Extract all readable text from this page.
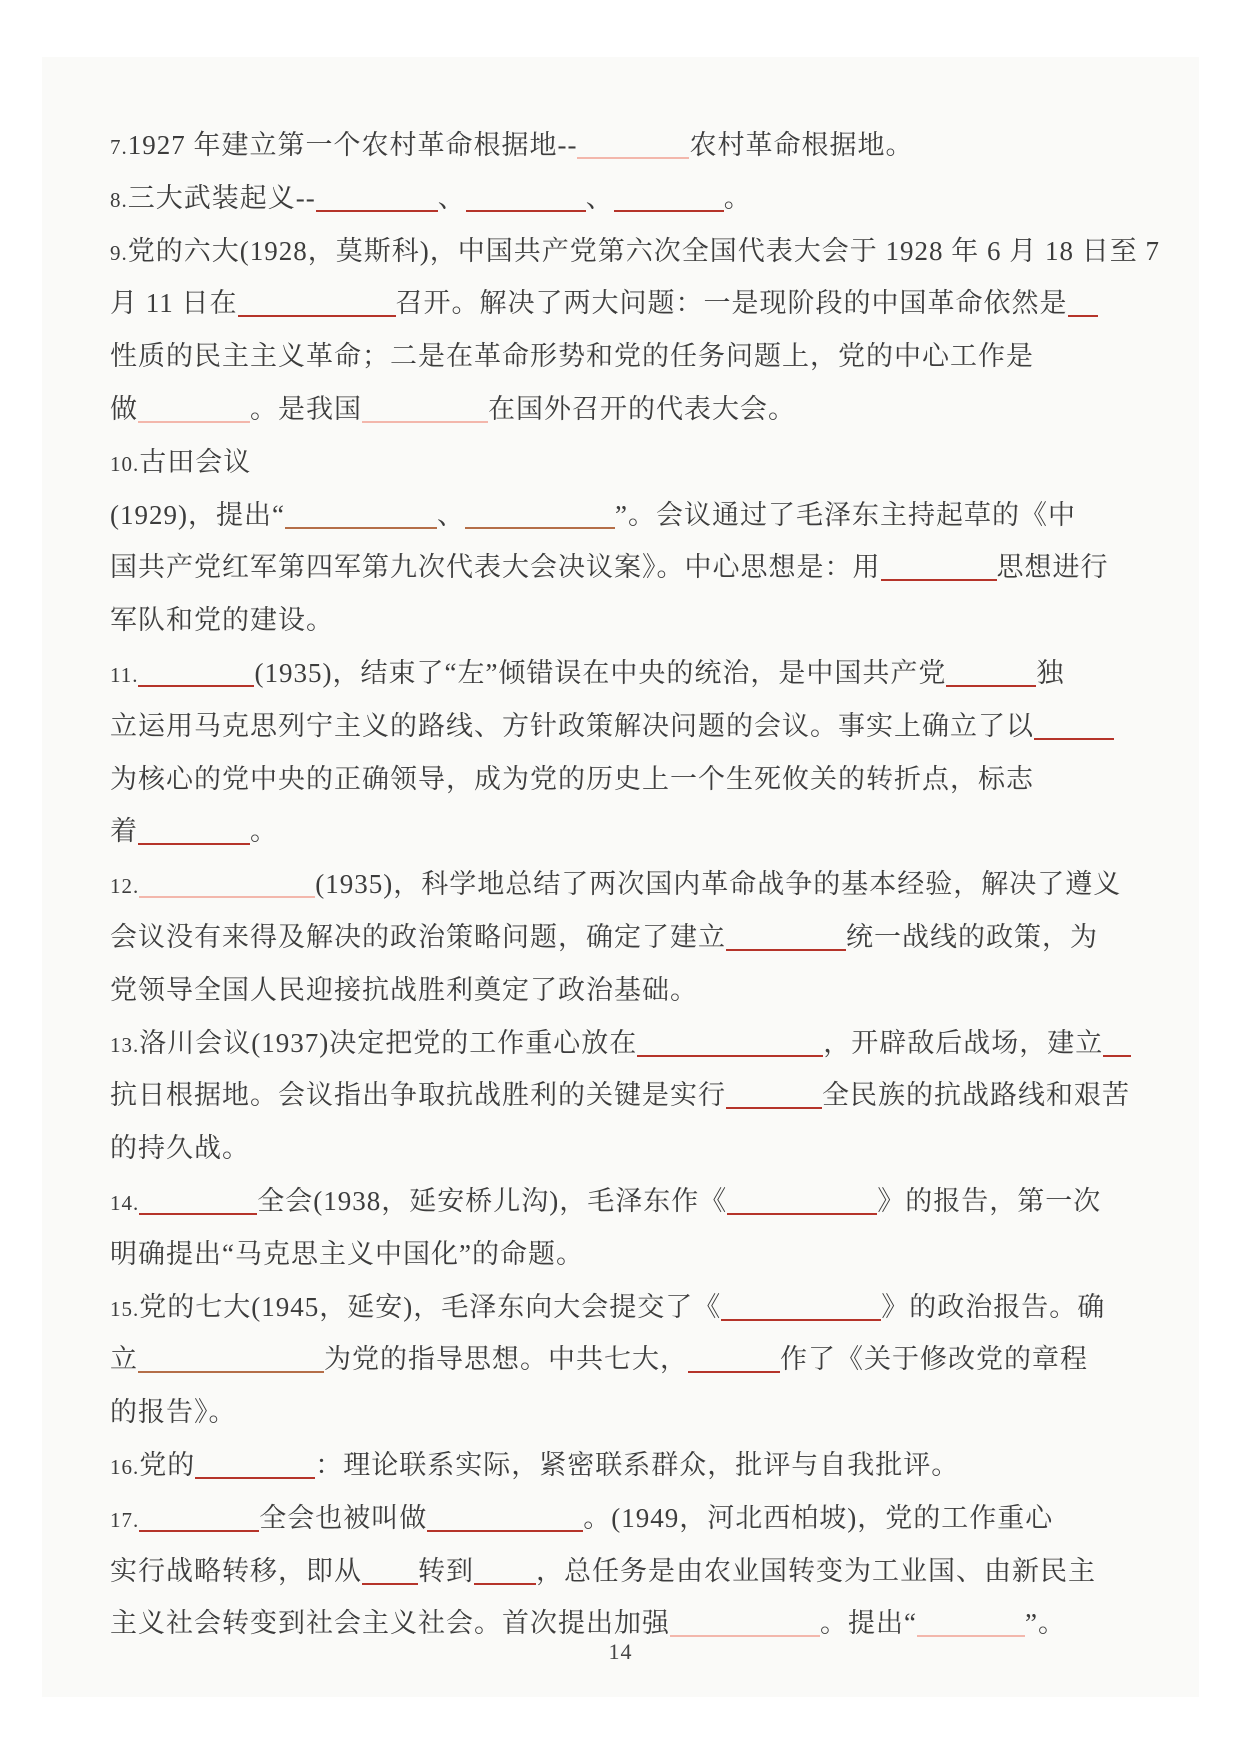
7.1927 年建立第一个农村革命根据地--	农村革命根据地。
8.三大武装起义--	、	、	。
9.党的六大(1928，莫斯科)，中国共产党第六次全国代表大会于 1928 年 6 月 18 日至 7
月 11 日在	召开。解决了两大问题：一是现阶段的中国革命依然是
性质的民主主义革命；二是在革命形势和党的任务问题上，党的中心工作是
做	。是我国	在国外召开的代表大会。
10.古田会议
(1929)，提出“	、	”。会议通过了毛泽东主持起草的《中
国共产党红军第四军第九次代表大会决议案》。中心思想是：用	思想进行
军队和党的建设。
11.	(1935)，结束了“左”倾错误在中央的统治，是中国共产党	独
立运用马克思列宁主义的路线、方针政策解决问题的会议。事实上确立了以
为核心的党中央的正确领导，成为党的历史上一个生死攸关的转折点，标志
着	。
12.	(1935)，科学地总结了两次国内革命战争的基本经验，解决了遵义
会议没有来得及解决的政治策略问题，确定了建立	统一战线的政策，为
党领导全国人民迎接抗战胜利奠定了政治基础。
13.洛川会议(1937)决定把党的工作重心放在	，开辟敌后战场，建立
抗日根据地。会议指出争取抗战胜利的关键是实行	全民族的抗战路线和艰苦
的持久战。
14.	全会(1938，延安桥儿沟)，毛泽东作《	》的报告，第一次
明确提出“马克思主义中国化”的命题。
15.党的七大(1945，延安)，毛泽东向大会提交了《	》的政治报告。确
立	为党的指导思想。中共七大，	作了《关于修改党的章程
的报告》。
16.党的	：理论联系实际，紧密联系群众，批评与自我批评。
17.	全会也被叫做	。(1949，河北西柏坡)，党的工作重心
实行战略转移，即从 转到 ，总任务是由农业国转变为工业国、由新民主
主义社会转变到社会主义社会。首次提出加强	。提出“	”。
14
